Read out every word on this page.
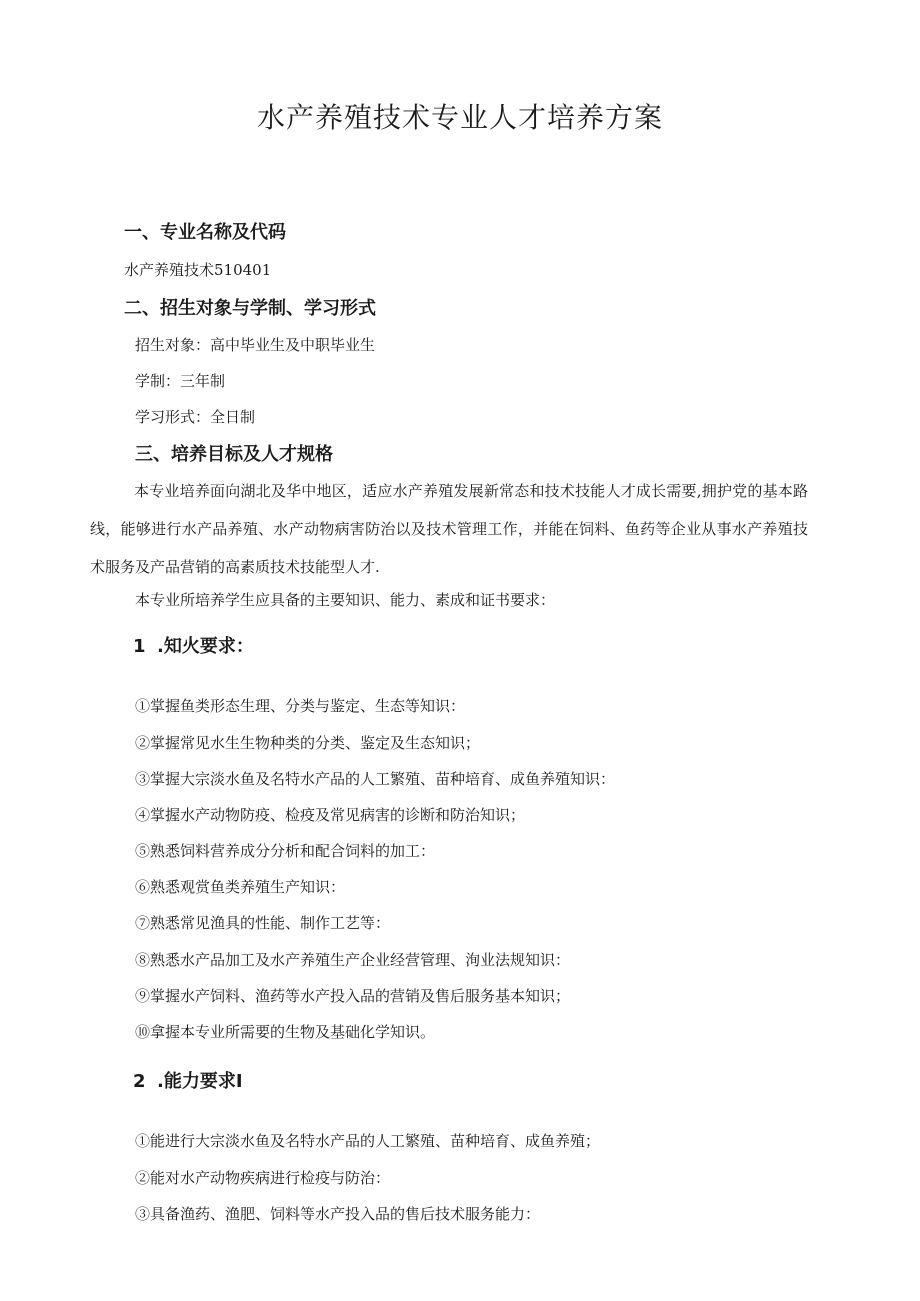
水产养殖技术专业人才培养方案
一、专业名称及代码
水产养殖技术510401
二、招生对象与学制、学习形式
招生对象：高中毕业生及中职毕业生
学制：三年制
学习形式：全日制
三、培养目标及人才规格
本专业培养面向湖北及华中地区，适应水产养殖发展新常态和技术技能人才成长需要,拥护党的基本路线，能够进行水产品养殖、水产动物病害防治以及技术管理工作，并能在饲料、鱼药等企业从事水产养殖技术服务及产品营销的高素质技术技能型人才.
本专业所培养学生应具备的主要知识、能力、素成和证书要求：
1 .知火要求：
①掌握鱼类形态生理、分类与鉴定、生态等知识：
②掌握常见水生生物种类的分类、鉴定及生态知识；
③掌握大宗淡水鱼及名特水产品的人工繁殖、苗种培育、成鱼养殖知识：
④掌握水产动物防疫、检疫及常见病害的诊断和防治知识；
⑤熟悉饲料营养成分分析和配合饲料的加工：
⑥熟悉观赏鱼类养殖生产知识：
⑦熟悉常见渔具的性能、制作工艺等：
⑧熟悉水产品加工及水产养殖生产企业经营管理、洵业法规知识：
⑨掌握水产饲料、渔药等水产投入品的营销及售后服务基本知识；
⑩拿握本专业所需要的生物及基础化学知识。
2 .能力要求I
①能进行大宗淡水鱼及名特水产品的人工繁殖、苗种培育、成鱼养殖；
②能对水产动物疾病进行检疫与防治：
③具备渔药、渔肥、饲料等水产投入品的售后技术服务能力：
